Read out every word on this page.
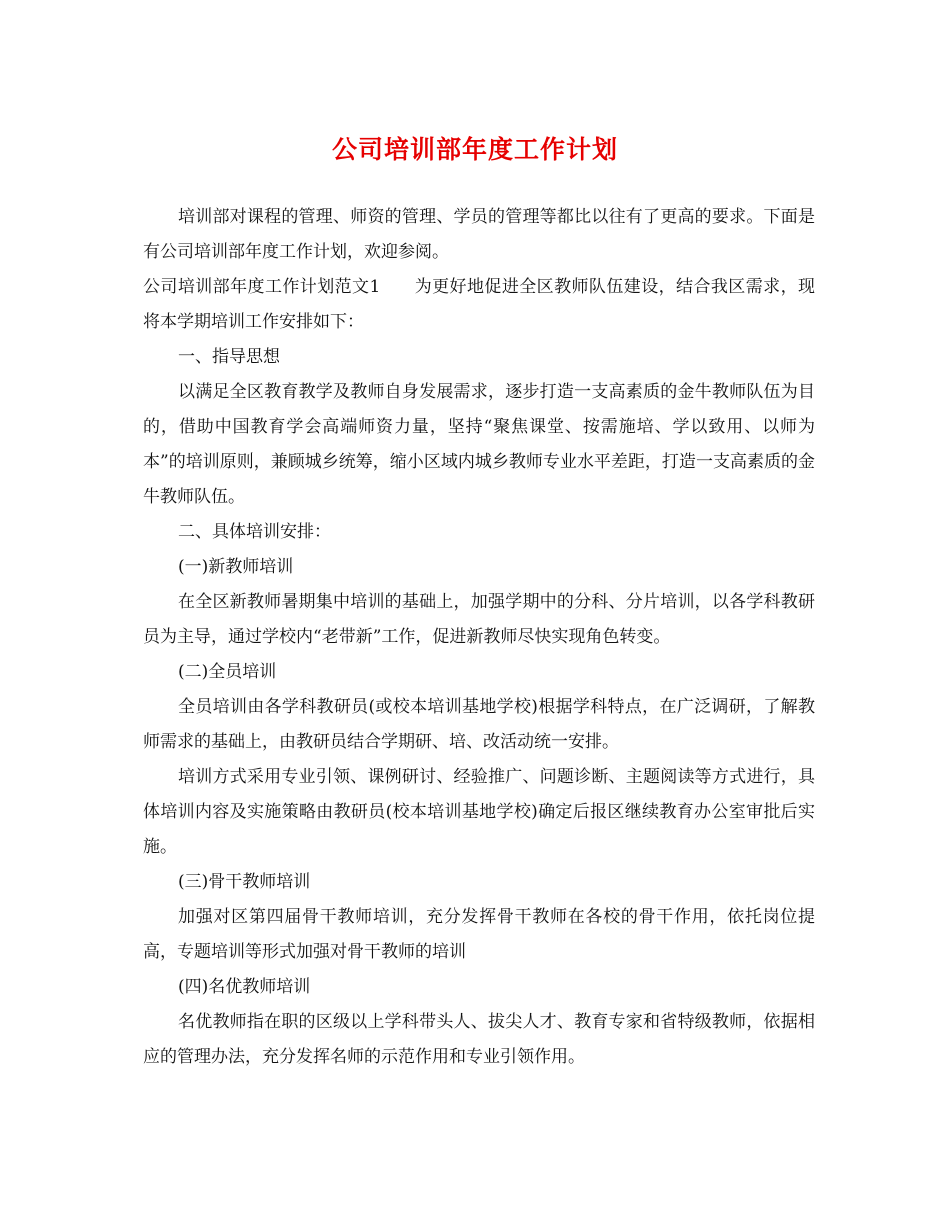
公司培训部年度工作计划

培训部对课程的管理、师资的管理、学员的管理等都比以往有了更高的要求。下面是有公司培训部年度工作计划，欢迎参阅。

公司培训部年度工作计划范文1 为更好地促进全区教师队伍建设，结合我区需求，现将本学期培训工作安排如下：

一、指导思想

以满足全区教育教学及教师自身发展需求，逐步打造一支高素质的金牛教师队伍为目的，借助中国教育学会高端师资力量，坚持“聚焦课堂、按需施培、学以致用、以师为本”的培训原则，兼顾城乡统筹，缩小区域内城乡教师专业水平差距，打造一支高素质的金牛教师队伍。

二、具体培训安排：

(一)新教师培训

在全区新教师暑期集中培训的基础上，加强学期中的分科、分片培训，以各学科教研员为主导，通过学校内“老带新”工作，促进新教师尽快实现角色转变。

(二)全员培训

全员培训由各学科教研员(或校本培训基地学校)根据学科特点，在广泛调研，了解教师需求的基础上，由教研员结合学期研、培、改活动统一安排。

培训方式采用专业引领、课例研讨、经验推广、问题诊断、主题阅读等方式进行，具体培训内容及实施策略由教研员(校本培训基地学校)确定后报区继续教育办公室审批后实施。

(三)骨干教师培训

加强对区第四届骨干教师培训，充分发挥骨干教师在各校的骨干作用，依托岗位提高，专题培训等形式加强对骨干教师的培训

(四)名优教师培训

名优教师指在职的区级以上学科带头人、拔尖人才、教育专家和省特级教师，依据相应的管理办法，充分发挥名师的示范作用和专业引领作用。
